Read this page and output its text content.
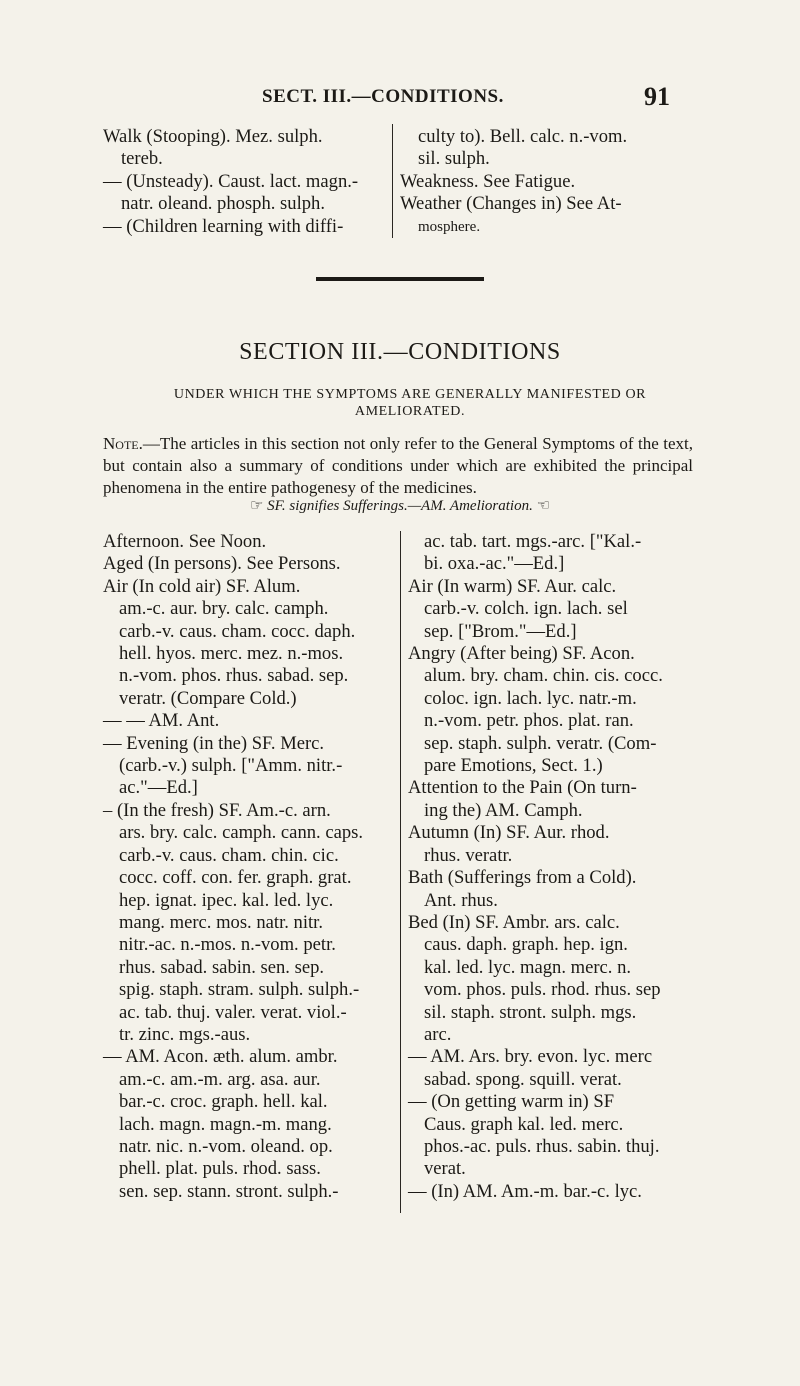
SECT. III.—CONDITIONS.	91

Walk (Stooping). Mez. sulph.

tereb.

— (Unsteady). Caust. lact. magn.-

natr. oleand. phosph. sulph.

— (Children learning with diffi-

culty to). Bell. calc. n.-vom.

sil. sulph.

Weakness. See Fatigue.

Weather (Changes in) See At-

mosphere.

SECTION III.—CONDITIONS
UNDER WHICH THE SYMPTOMS ARE GENERALLY MANIFESTED OR AMELIORATED.
Note.—The articles in this section not only refer to the General Symptoms of the text, but contain also a summary of conditions under which are exhibited the principal phenomena in the entire pathogenesy of the medicines.
☞ SF. signifies Sufferings.—AM. Amelioration. ☜

Afternoon. See Noon.

Aged (In persons). See Persons.

Air (In cold air) SF. Alum.

am.-c. aur. bry. calc. camph.

carb.-v. caus. cham. cocc. daph.

hell. hyos. merc. mez. n.-mos.

n.-vom. phos. rhus. sabad. sep.

veratr. (Compare Cold.)

— — AM. Ant.

— Evening (in the) SF. Merc.

(carb.-v.) sulph. ["Amm. nitr.-

ac."—Ed.]

– (In the fresh) SF. Am.-c. arn.

ars. bry. calc. camph. cann. caps.

carb.-v. caus. cham. chin. cic.

cocc. coff. con. fer. graph. grat.

hep. ignat. ipec. kal. led. lyc.

mang. merc. mos. natr. nitr.

nitr.-ac. n.-mos. n.-vom. petr.

rhus. sabad. sabin. sen. sep.

spig. staph. stram. sulph. sulph.-

ac. tab. thuj. valer. verat. viol.-

tr. zinc. mgs.-aus.

— AM. Acon. æth. alum. ambr.

am.-c. am.-m. arg. asa. aur.

bar.-c. croc. graph. hell. kal.

lach. magn. magn.-m. mang.

natr. nic. n.-vom. oleand. op.

phell. plat. puls. rhod. sass.

sen. sep. stann. stront. sulph.-

ac. tab. tart. mgs.-arc. ["Kal.-

bi. oxa.-ac."—Ed.]

Air (In warm) SF. Aur. calc.

carb.-v. colch. ign. lach. sel

sep. ["Brom."—Ed.]

Angry (After being) SF. Acon.

alum. bry. cham. chin. cis. cocc.

coloc. ign. lach. lyc. natr.-m.

n.-vom. petr. phos. plat. ran.

sep. staph. sulph. veratr. (Com-

pare Emotions, Sect. 1.)

Attention to the Pain (On turn-

ing the) AM. Camph.

Autumn (In) SF. Aur. rhod.

rhus. veratr.

Bath (Sufferings from a Cold).

Ant. rhus.

Bed (In) SF. Ambr. ars. calc.

caus. daph. graph. hep. ign.

kal. led. lyc. magn. merc. n.

vom. phos. puls. rhod. rhus. sep

sil. staph. stront. sulph. mgs.

arc.

— AM. Ars. bry. evon. lyc. merc

sabad. spong. squill. verat.

— (On getting warm in) SF

Caus. graph kal. led. merc.

phos.-ac. puls. rhus. sabin. thuj.

verat.

— (In) AM. Am.-m. bar.-c. lyc.
